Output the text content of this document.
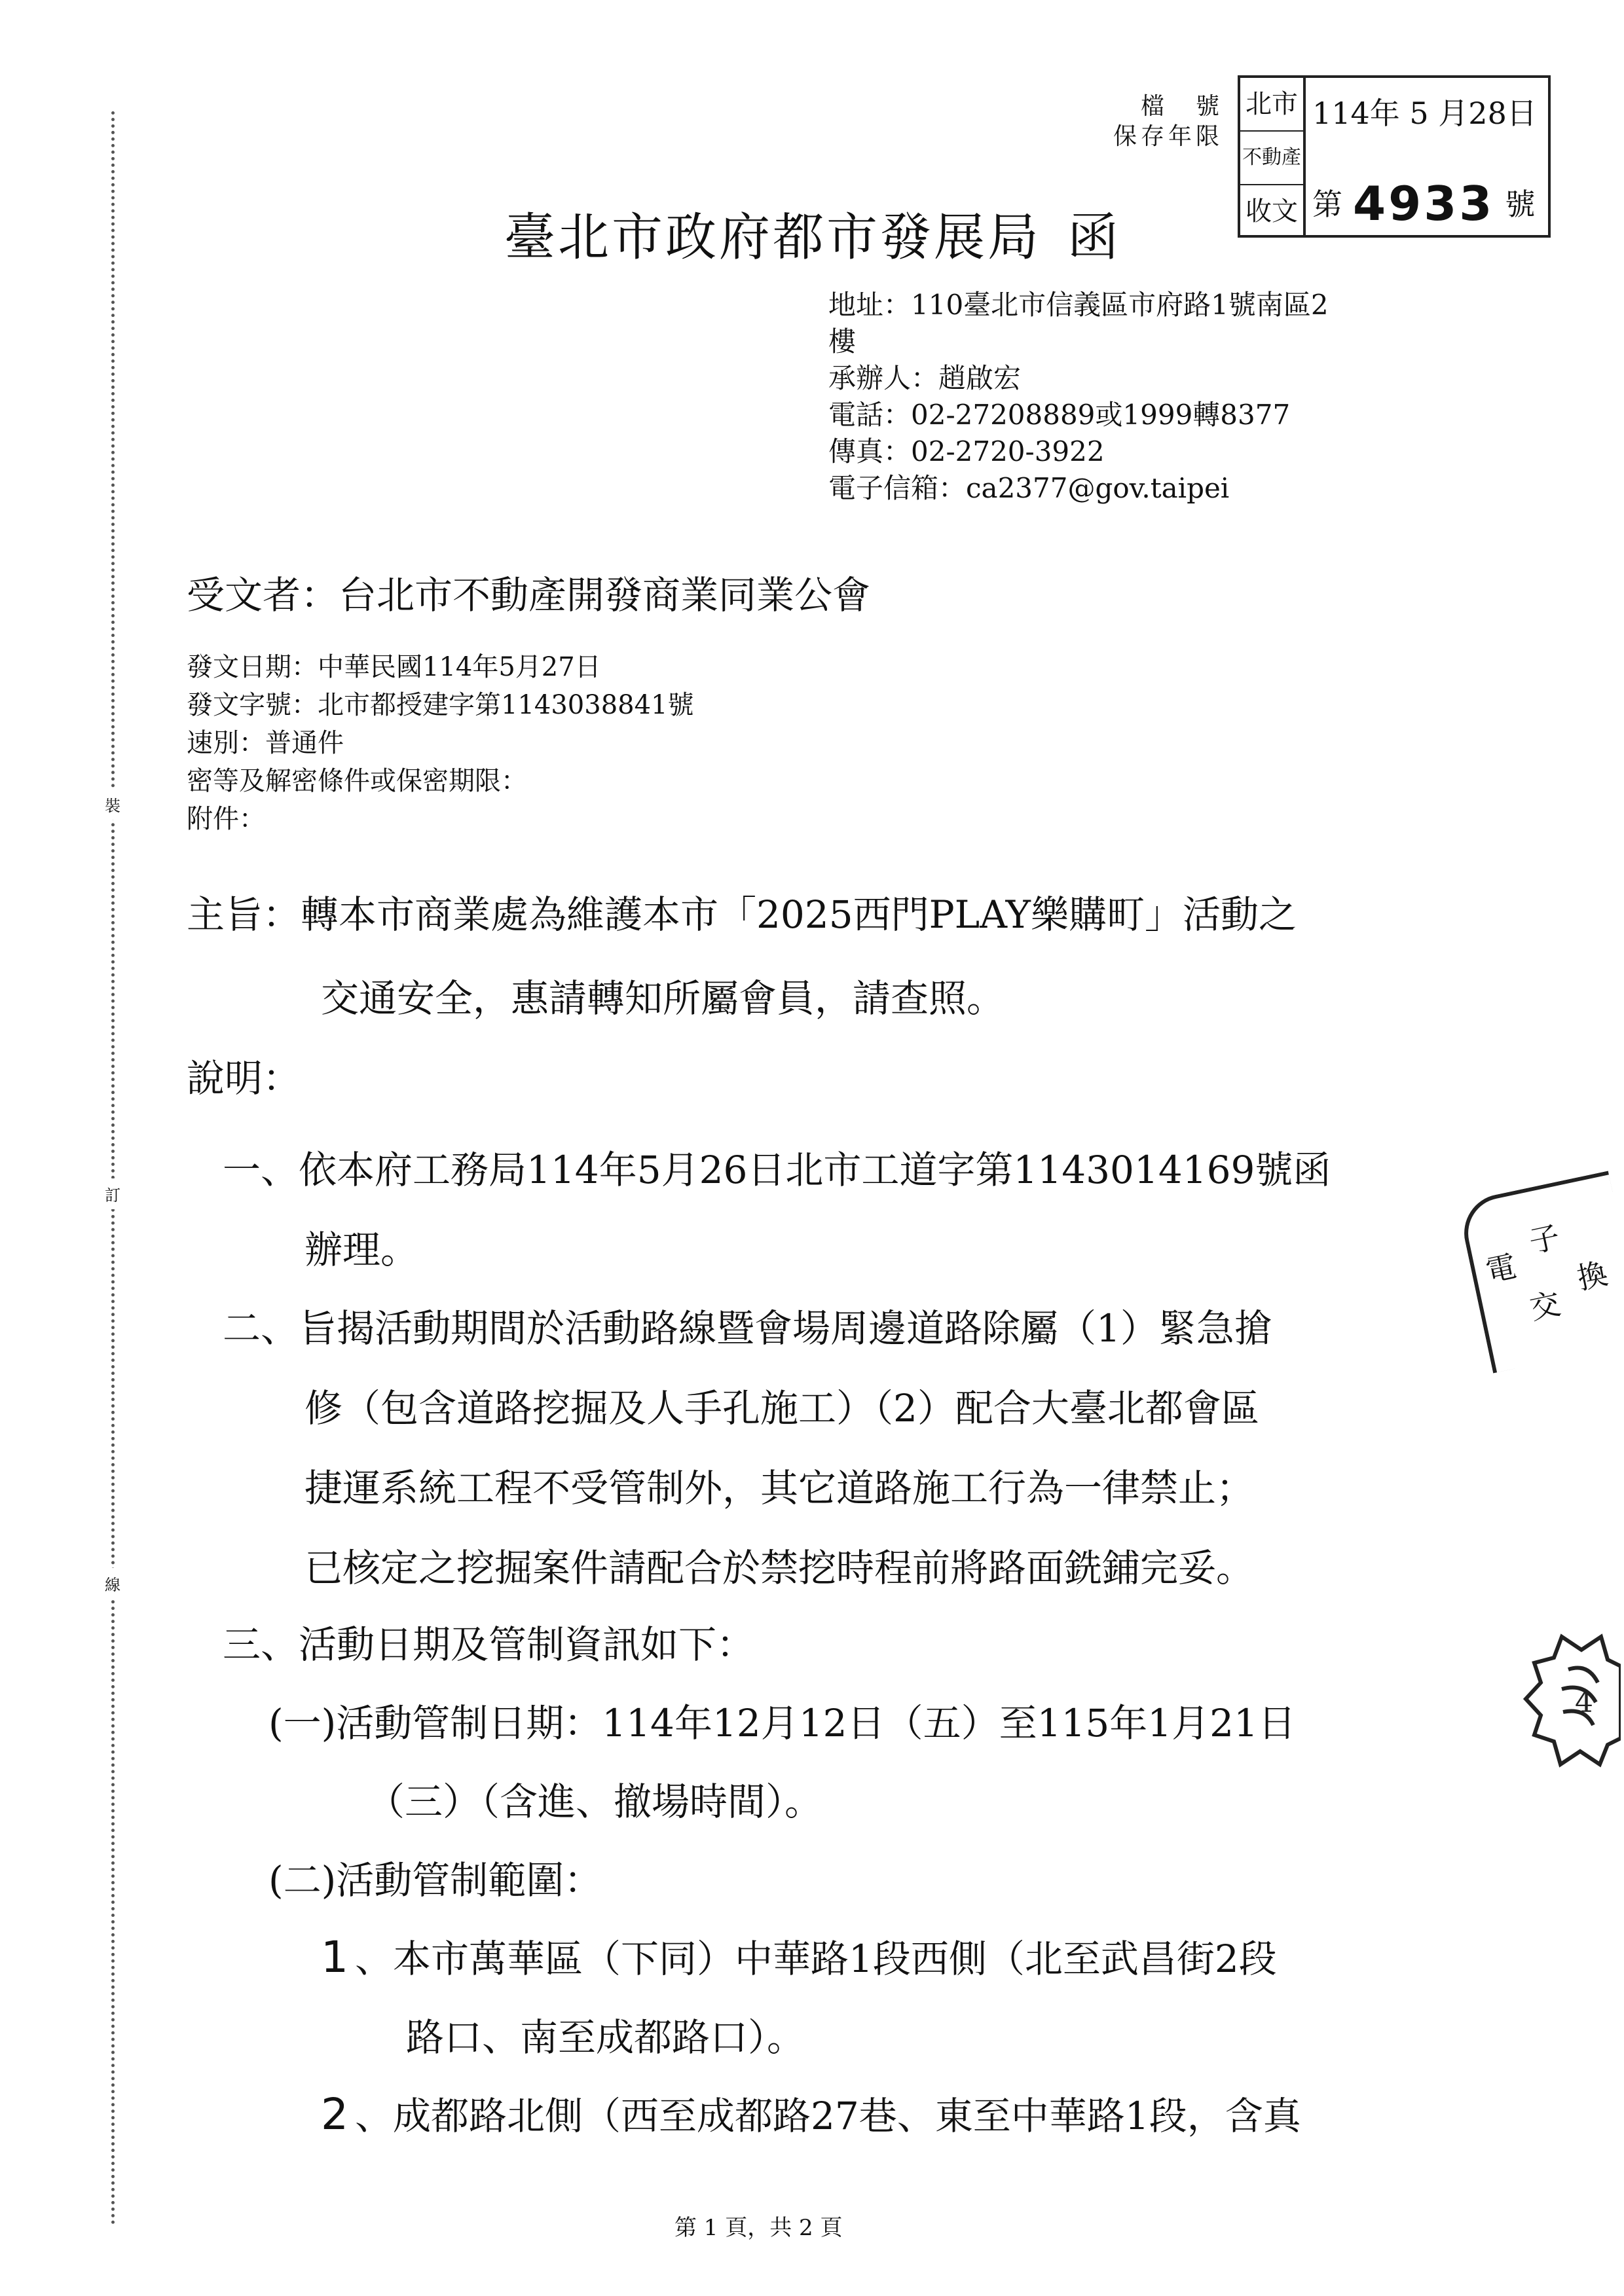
裝
訂
線
檔　號
保存年限
北市
不動產
收文
114年 5 月28日
第 4933 號
臺北市政府都市發展局 函
地址：110臺北市信義區市府路1號南區2
樓
承辦人：趙啟宏
電話：02-27208889或1999轉8377
傳真：02-2720-3922
電子信箱：ca2377@gov.taipei
受文者：台北市不動產開發商業同業公會
發文日期：中華民國114年5月27日
發文字號：北市都授建字第1143038841號
速別：普通件
密等及解密條件或保密期限：
附件：
主旨：轉本市商業處為維護本市「2025西門PLAY樂購町」活動之
交通安全，惠請轉知所屬會員，請查照。
說明：
一、依本府工務局114年5月26日北市工道字第1143014169號函
辦理。
二、旨揭活動期間於活動路線暨會場周邊道路除屬（1）緊急搶
修（包含道路挖掘及人手孔施工）（2）配合大臺北都會區
捷運系統工程不受管制外，其它道路施工行為一律禁止；
已核定之挖掘案件請配合於禁挖時程前將路面銑鋪完妥。
三、活動日期及管制資訊如下：
(一)活動管制日期：114年12月12日（五）至115年1月21日
（三）（含進、撤場時間）。
(二)活動管制範圍：
1 、本市萬華區（下同）中華路1段西側（北至武昌街2段
路口、南至成都路口）。
2 、成都路北側（西至成都路27巷、東至中華路1段，含真
電
子
交
換
4
第 1 頁，共 2 頁
